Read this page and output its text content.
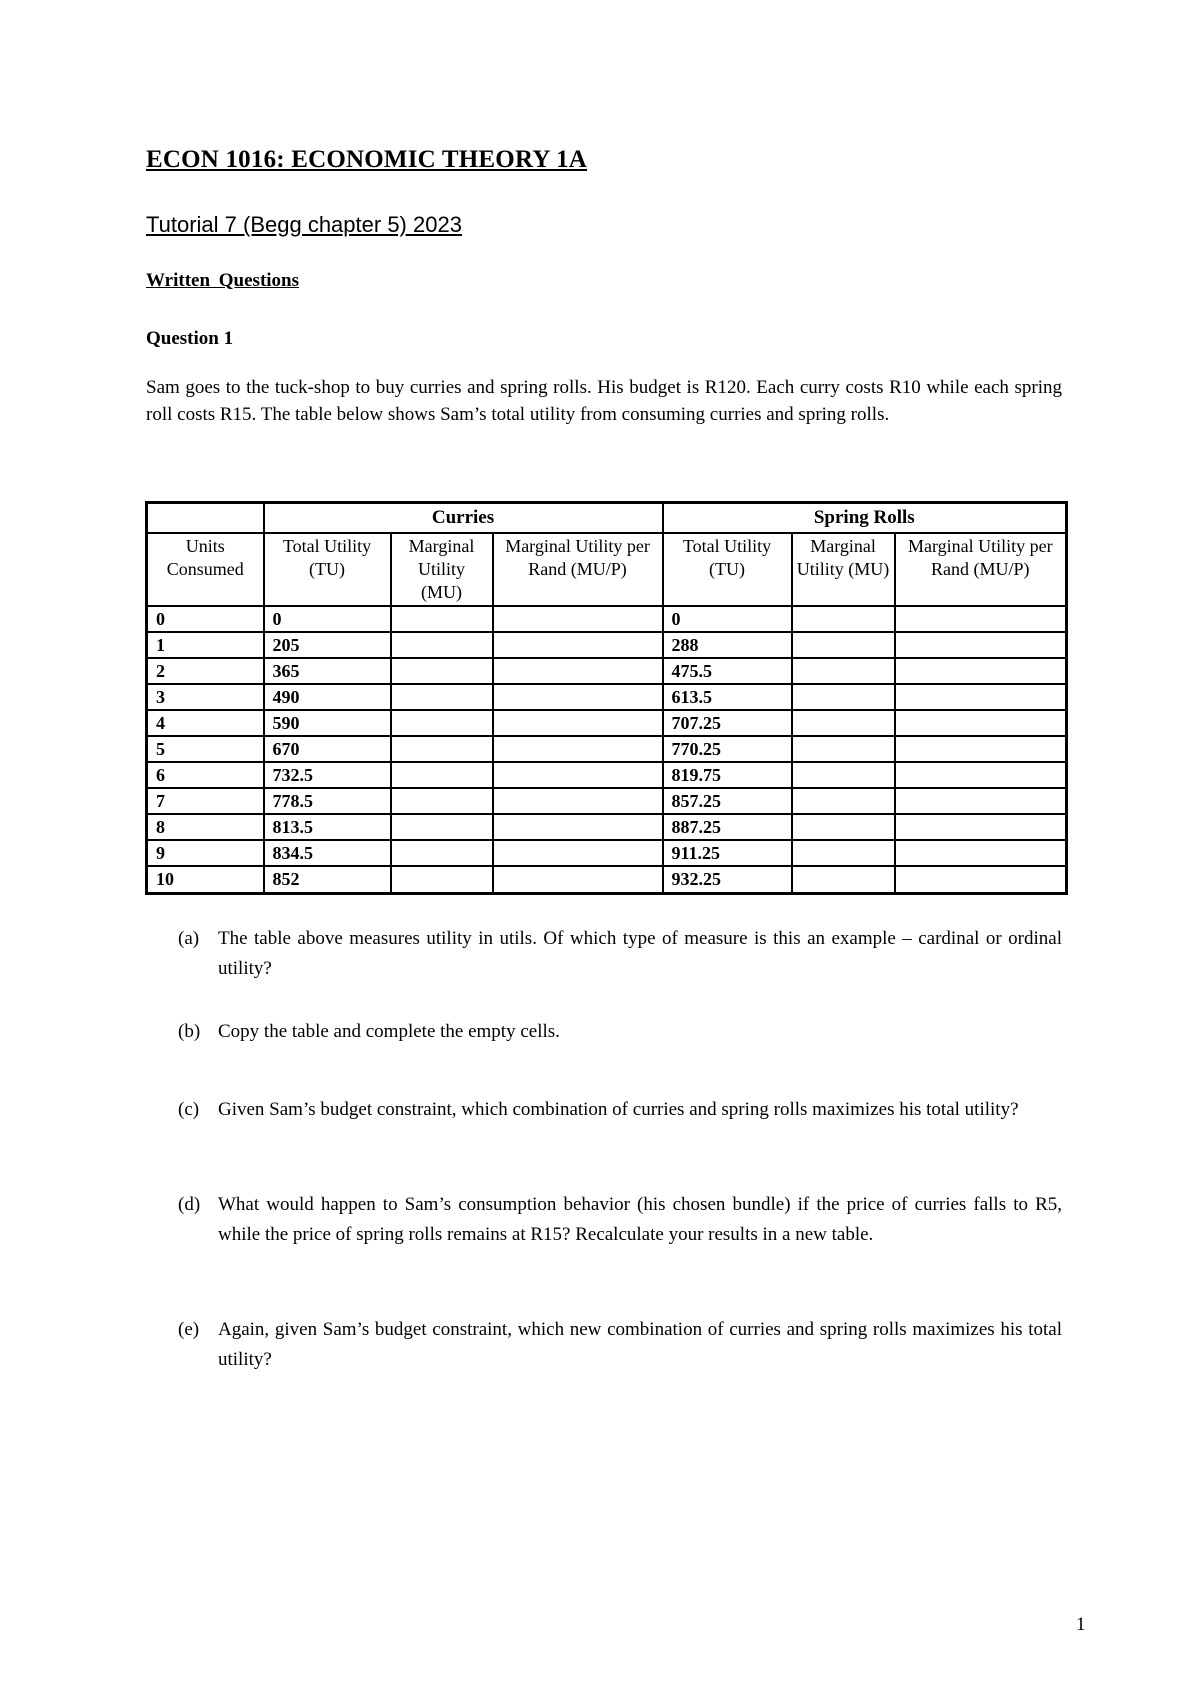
ECON 1016: ECONOMIC THEORY 1A
Tutorial 7 (Begg chapter 5) 2023
Written Questions
Question 1
Sam goes to the tuck-shop to buy curries and spring rolls. His budget is R120. Each curry costs R10 while each spring roll costs R15. The table below shows Sam’s total utility from consuming curries and spring rolls.
	Curries			Spring Rolls		
Units Consumed	Total Utility (TU)	Marginal Utility (MU)	Marginal Utility per Rand (MU/P)	Total Utility (TU)	Marginal Utility (MU)	Marginal Utility per Rand (MU/P)
0	0			0		
1	205			288		
2	365			475.5		
3	490			613.5		
4	590			707.25		
5	670			770.25		
6	732.5			819.75		
7	778.5			857.25		
8	813.5			887.25		
9	834.5			911.25		
10	852			932.25		
(a) The table above measures utility in utils. Of which type of measure is this an example – cardinal or ordinal utility?
(b) Copy the table and complete the empty cells.
(c) Given Sam’s budget constraint, which combination of curries and spring rolls maximizes his total utility?
(d) What would happen to Sam’s consumption behavior (his chosen bundle) if the price of curries falls to R5, while the price of spring rolls remains at R15? Recalculate your results in a new table.
(e) Again, given Sam’s budget constraint, which new combination of curries and spring rolls maximizes his total utility?
1
